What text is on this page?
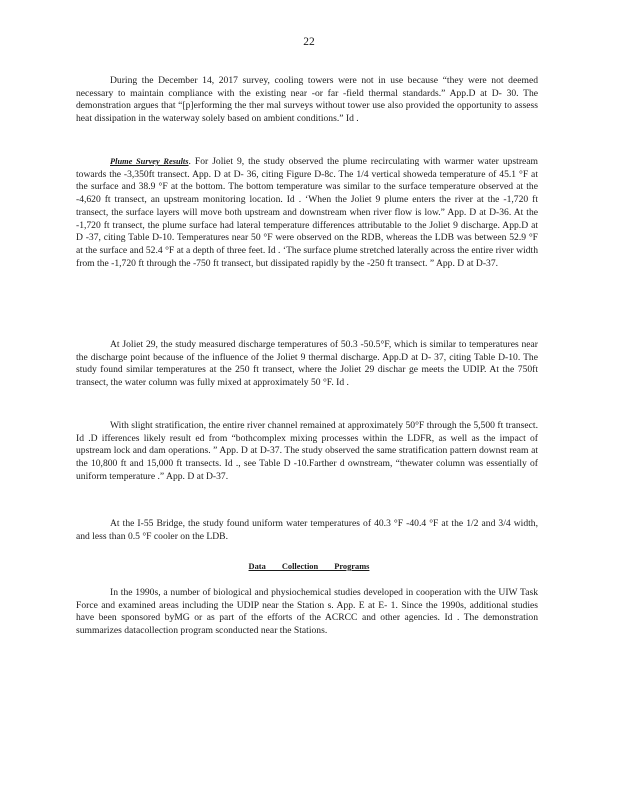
22

During the December 14, 2017 survey, cooling towers were not in use because “they were not deemed necessary to maintain compliance with the existing near -or far -field thermal standards.” App.D at D- 30. The demonstration argues that “[p]erforming the ther mal surveys without tower use also provided the opportunity to assess heat dissipation in the waterway solely based on ambient conditions.” Id .

Plume Survey Results. For Joliet 9, the study observed the plume recirculating with warmer water upstream towards the -3,350ft transect. App. D at D- 36, citing Figure D-8c. The 1/4 vertical showeda temperature of 45.1 °F at the surface and 38.9 °F at the bottom. The bottom temperature was similar to the surface temperature observed at the -4,620 ft transect, an upstream monitoring location. Id . ‘When the Joliet 9 plume enters the river at the -1,720 ft transect, the surface layers will move both upstream and downstream when river flow is low.” App. D at D-36. At the -1,720 ft transect, the plume surface had lateral temperature differences attributable to the Joliet 9 discharge. App.D at D -37, citing Table D-10. Temperatures near 50 °F were observed on the RDB, whereas the LDB was between 52.9 °F at the surface and 52.4 °F at a depth of three feet. Id . ‘The surface plume stretched laterally across the entire river width from the -1,720 ft through the -750 ft transect, but dissipated rapidly by the -250 ft transect. ” App. D at D-37.

At Joliet 29, the study measured discharge temperatures of 50.3 -50.5°F, which is similar to temperatures near the discharge point because of the influence of the Joliet 9 thermal discharge. App.D at D- 37, citing Table D-10. The study found similar temperatures at the 250 ft transect, where the Joliet 29 dischar ge meets the UDIP. At the 750ft transect, the water column was fully mixed at approximately 50 °F. Id .

With slight stratification, the entire river channel remained at approximately 50°F through the 5,500 ft transect. Id .D ifferences likely result ed from “bothcomplex mixing processes within the LDFR, as well as the impact of upstream lock and dam operations. ” App. D at D-37. The study observed the same stratification pattern downst ream at the 10,800 ft and 15,000 ft transects. Id ., see Table D -10.Farther d ownstream, “thewater column was essentially of uniform temperature .” App. D at D-37.

At the I-55 Bridge, the study found uniform water temperatures of 40.3 °F -40.4 °F at the 1/2 and 3/4 width, and less than 0.5 °F cooler on the LDB.

Data Collection Programs

In the 1990s, a number of biological and physiochemical studies developed in cooperation with the UIW Task Force and examined areas including the UDIP near the Station s. App. E at E- 1. Since the 1990s, additional studies have been sponsored byMG or as part of the efforts of the ACRCC and other agencies. Id . The demonstration summarizes datacollection program sconducted near the Stations.
